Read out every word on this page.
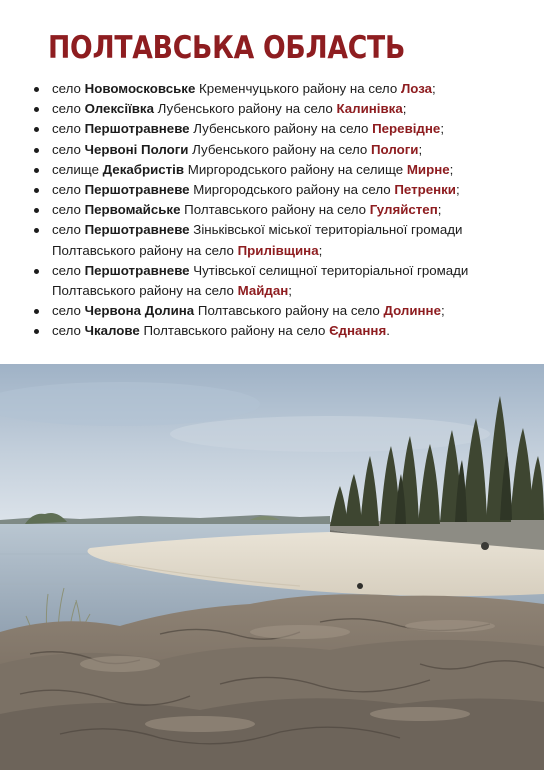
ПОЛТАВСЬКА ОБЛАСТЬ
село Новомосковське Кременчуцького району на село Лоза;
село Олексіївка Лубенського району на село Калинівка;
село Першотравневе Лубенського району на село Перевідне;
село Червоні Пологи Лубенського району на село Пологи;
селище Декабристів Миргородського району на селище Мирне;
село Першотравневе Миргородського району на село Петренки;
село Первомайське Полтавського району на село Гуляйстеп;
село Першотравневе Зіньківської міської територіальної громади Полтавського району на село Прилівщина;
село Першотравневе Чутівської селищної територіальної громади Полтавського району на село Майдан;
село Червона Долина Полтавського району на село Долинне;
село Чкалове Полтавського району на село Єднання.
